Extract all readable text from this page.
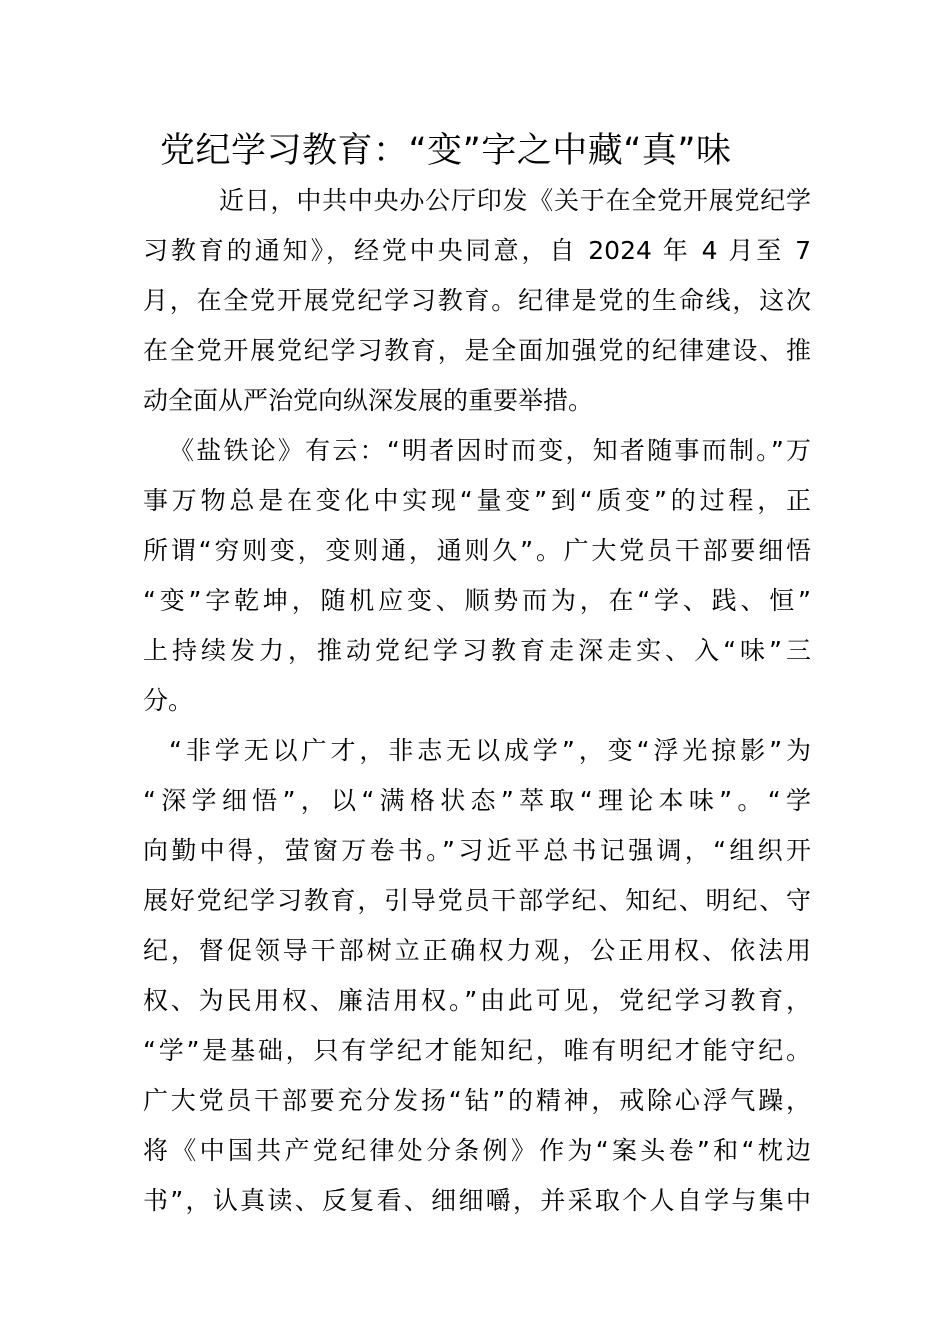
党纪学习教育：“变”字之中藏“真”味
近日，中共中央办公厅印发《关于在全党开展党纪学
习教育的通知》，经党中央同意，自 2024 年 4 月至 7
月，在全党开展党纪学习教育。纪律是党的生命线，这次
在全党开展党纪学习教育，是全面加强党的纪律建设、推
动全面从严治党向纵深发展的重要举措。
《盐铁论》有云：“明者因时而变，知者随事而制。”万
事万物总是在变化中实现“量变”到“质变”的过程，正
所谓“穷则变，变则通，通则久”。广大党员干部要细悟
“变”字乾坤，随机应变、顺势而为，在“学、践、恒”
上持续发力，推动党纪学习教育走深走实、入“味”三
分。
“非学无以广才，非志无以成学”，变“浮光掠影”为
“深学细悟”，以“满格状态”萃取“理论本味”。“学
向勤中得，萤窗万卷书。”习近平总书记强调，“组织开
展好党纪学习教育，引导党员干部学纪、知纪、明纪、守
纪，督促领导干部树立正确权力观，公正用权、依法用
权、为民用权、廉洁用权。”由此可见，党纪学习教育，
“学”是基础，只有学纪才能知纪，唯有明纪才能守纪。
广大党员干部要充分发扬“钻”的精神，戒除心浮气躁，
将《中国共产党纪律处分条例》作为“案头卷”和“枕边
书”，认真读、反复看、细细嚼，并采取个人自学与集中
